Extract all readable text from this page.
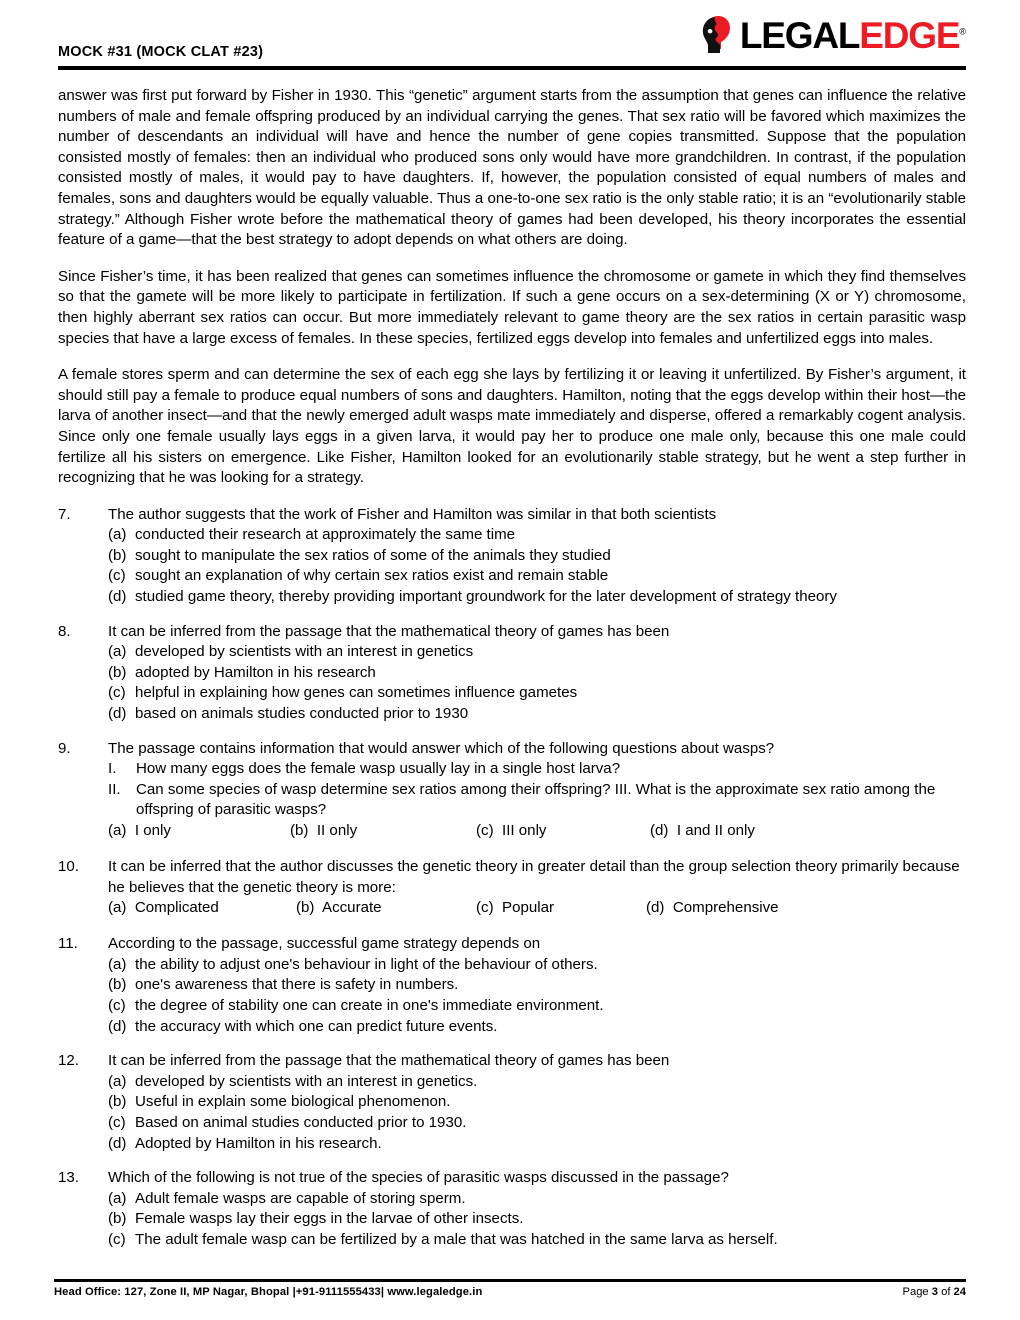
MOCK #31 (MOCK CLAT #23)	LEGALEDGE®

answer was first put forward by Fisher in 1930. This “genetic” argument starts from the assumption that genes can influence the relative numbers of male and female offspring produced by an individual carrying the genes. That sex ratio will be favored which maximizes the number of descendants an individual will have and hence the number of gene copies transmitted. Suppose that the population consisted mostly of females: then an individual who produced sons only would have more grandchildren. In contrast, if the population consisted mostly of males, it would pay to have daughters. If, however, the population consisted of equal numbers of males and females, sons and daughters would be equally valuable. Thus a one-to-one sex ratio is the only stable ratio; it is an “evolutionarily stable strategy.” Although Fisher wrote before the mathematical theory of games had been developed, his theory incorporates the essential feature of a game—that the best strategy to adopt depends on what others are doing.

Since Fisher’s time, it has been realized that genes can sometimes influence the chromosome or gamete in which they find themselves so that the gamete will be more likely to participate in fertilization. If such a gene occurs on a sex-determining (X or Y) chromosome, then highly aberrant sex ratios can occur. But more immediately relevant to game theory are the sex ratios in certain parasitic wasp species that have a large excess of females. In these species, fertilized eggs develop into females and unfertilized eggs into males.

A female stores sperm and can determine the sex of each egg she lays by fertilizing it or leaving it unfertilized. By Fisher’s argument, it should still pay a female to produce equal numbers of sons and daughters. Hamilton, noting that the eggs develop within their host—the larva of another insect—and that the newly emerged adult wasps mate immediately and disperse, offered a remarkably cogent analysis. Since only one female usually lays eggs in a given larva, it would pay her to produce one male only, because this one male could fertilize all his sisters on emergence. Like Fisher, Hamilton looked for an evolutionarily stable strategy, but he went a step further in recognizing that he was looking for a strategy.

7.	The author suggests that the work of Fisher and Hamilton was similar in that both scientists
(a) conducted their research at approximately the same time
(b) sought to manipulate the sex ratios of some of the animals they studied
(c) sought an explanation of why certain sex ratios exist and remain stable
(d) studied game theory, thereby providing important groundwork for the later development of strategy theory
8.	It can be inferred from the passage that the mathematical theory of games has been
(a) developed by scientists with an interest in genetics
(b) adopted by Hamilton in his research
(c) helpful in explaining how genes can sometimes influence gametes
(d) based on animals studies conducted prior to 1930
9.	The passage contains information that would answer which of the following questions about wasps?
I.	How many eggs does the female wasp usually lay in a single host larva?
II.	Can some species of wasp determine sex ratios among their offspring? III. What is the approximate sex ratio among the offspring of parasitic wasps?
(a) I only	(b) II only	(c) III only	(d) I and II only
10.	It can be inferred that the author discusses the genetic theory in greater detail than the group selection theory primarily because he believes that the genetic theory is more:
(a) Complicated	(b) Accurate	(c) Popular	(d) Comprehensive
11.	According to the passage, successful game strategy depends on
(a) the ability to adjust one's behaviour in light of the behaviour of others.
(b) one's awareness that there is safety in numbers.
(c) the degree of stability one can create in one's immediate environment.
(d) the accuracy with which one can predict future events.
12.	It can be inferred from the passage that the mathematical theory of games has been
(a) developed by scientists with an interest in genetics.
(b) Useful in explain some biological phenomenon.
(c) Based on animal studies conducted prior to 1930.
(d) Adopted by Hamilton in his research.
13.	Which of the following is not true of the species of parasitic wasps discussed in the passage?
(a) Adult female wasps are capable of storing sperm.
(b) Female wasps lay their eggs in the larvae of other insects.
(c) The adult female wasp can be fertilized by a male that was hatched in the same larva as herself.
Head Office: 127, Zone II, MP Nagar, Bhopal |+91-9111555433| www.legaledge.in	Page 3 of 24
